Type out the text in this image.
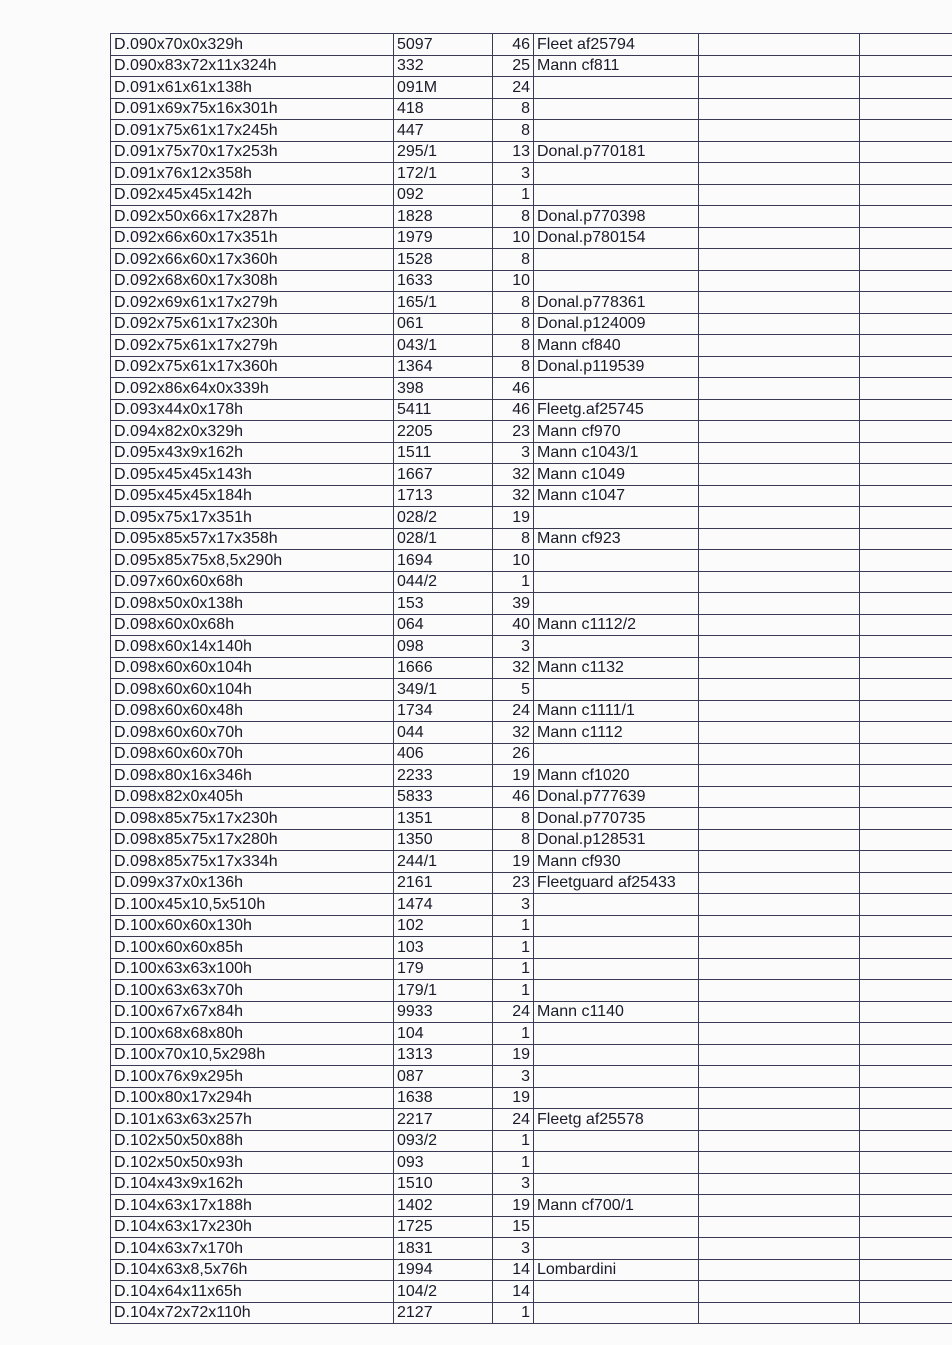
D.090x70x0x329h	5097	46	Fleet af25794		
D.090x83x72x11x324h	332	25	Mann cf811		
D.091x61x61x138h	091M	24			
D.091x69x75x16x301h	418	8			
D.091x75x61x17x245h	447	8			
D.091x75x70x17x253h	295/1	13	Donal.p770181		
D.091x76x12x358h	172/1	3			
D.092x45x45x142h	092	1			
D.092x50x66x17x287h	1828	8	Donal.p770398		
D.092x66x60x17x351h	1979	10	Donal.p780154		
D.092x66x60x17x360h	1528	8			
D.092x68x60x17x308h	1633	10			
D.092x69x61x17x279h	165/1	8	Donal.p778361		
D.092x75x61x17x230h	061	8	Donal.p124009		
D.092x75x61x17x279h	043/1	8	Mann cf840		
D.092x75x61x17x360h	1364	8	Donal.p119539		
D.092x86x64x0x339h	398	46			
D.093x44x0x178h	5411	46	Fleetg.af25745		
D.094x82x0x329h	2205	23	Mann cf970		
D.095x43x9x162h	1511	3	Mann c1043/1		
D.095x45x45x143h	1667	32	Mann c1049		
D.095x45x45x184h	1713	32	Mann c1047		
D.095x75x17x351h	028/2	19			
D.095x85x57x17x358h	028/1	8	Mann cf923		
D.095x85x75x8,5x290h	1694	10			
D.097x60x60x68h	044/2	1			
D.098x50x0x138h	153	39			
D.098x60x0x68h	064	40	Mann c1112/2		
D.098x60x14x140h	098	3			
D.098x60x60x104h	1666	32	Mann c1132		
D.098x60x60x104h	349/1	5			
D.098x60x60x48h	1734	24	Mann c1111/1		
D.098x60x60x70h	044	32	Mann c1112		
D.098x60x60x70h	406	26			
D.098x80x16x346h	2233	19	Mann cf1020		
D.098x82x0x405h	5833	46	Donal.p777639		
D.098x85x75x17x230h	1351	8	Donal.p770735		
D.098x85x75x17x280h	1350	8	Donal.p128531		
D.098x85x75x17x334h	244/1	19	Mann cf930		
D.099x37x0x136h	2161	23	Fleetguard af25433		
D.100x45x10,5x510h	1474	3			
D.100x60x60x130h	102	1			
D.100x60x60x85h	103	1			
D.100x63x63x100h	179	1			
D.100x63x63x70h	179/1	1			
D.100x67x67x84h	9933	24	Mann c1140		
D.100x68x68x80h	104	1			
D.100x70x10,5x298h	1313	19			
D.100x76x9x295h	087	3			
D.100x80x17x294h	1638	19			
D.101x63x63x257h	2217	24	Fleetg af25578		
D.102x50x50x88h	093/2	1			
D.102x50x50x93h	093	1			
D.104x43x9x162h	1510	3			
D.104x63x17x188h	1402	19	Mann cf700/1		
D.104x63x17x230h	1725	15			
D.104x63x7x170h	1831	3			
D.104x63x8,5x76h	1994	14	Lombardini		
D.104x64x11x65h	104/2	14			
D.104x72x72x110h	2127	1			
